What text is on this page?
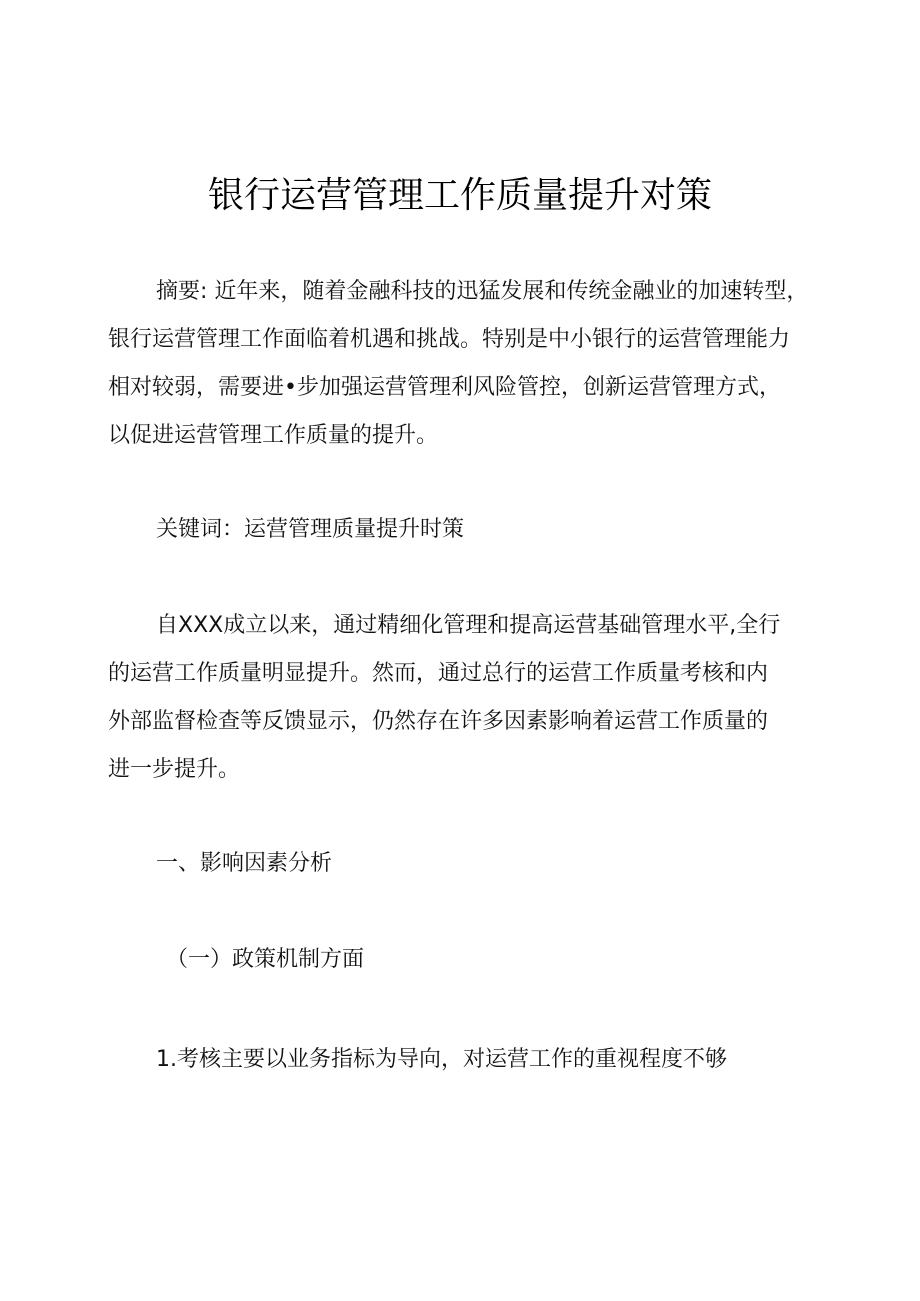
银行运营管理工作质量提升对策
摘要: 近年来，随着金融科技的迅猛发展和传统金融业的加速转型，
银行运营管理工作面临着机遇和挑战。特别是中小银行的运营管理能力
相对较弱，需要进•步加强运营管理利风险管控，创新运营管理方式，
以促进运营管理工作质量的提升。
关键词：运营管理质量提升时策
自XXX成立以来，通过精细化管理和提高运营基础管理水平,全行
的运营工作质量明显提升。然而，通过总行的运营工作质量考核和内
外部监督检查等反馈显示，仍然存在许多因素影响着运营工作质量的
进一步提升。
一、影响因素分析
（一）政策机制方面
1.考核主要以业务指标为导向，对运营工作的重视程度不够
